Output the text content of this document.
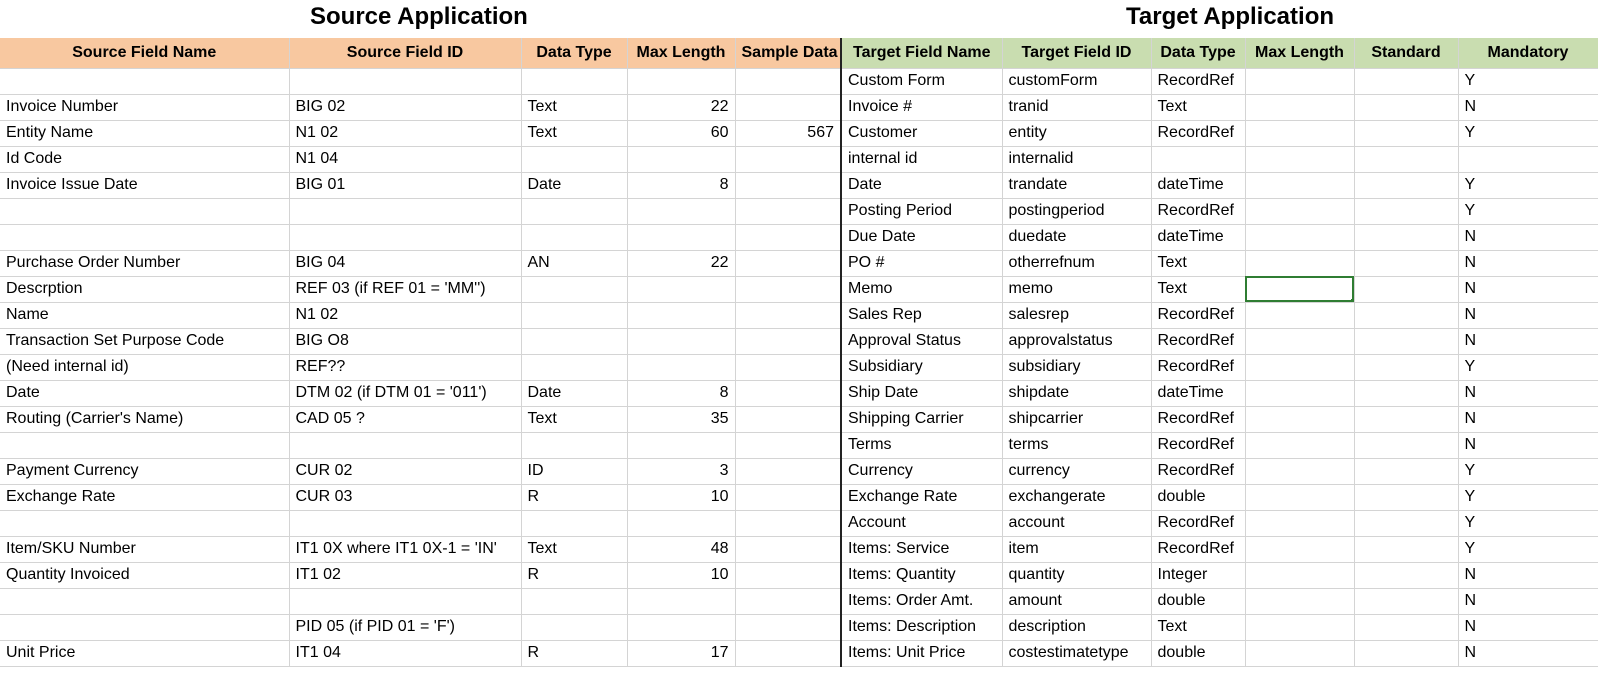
Source Application	Target Application
Source Field Name	Source Field ID	Data Type	Max Length	Sample Data	Target Field Name	Target Field ID	Data Type	Max Length	Standard	Mandatory
					Custom Form	customForm	RecordRef			Y
Invoice Number	BIG 02	Text	22		Invoice #	tranid	Text			N
Entity Name	N1 02	Text	60	567	Customer	entity	RecordRef			Y
Id Code	N1 04				internal id	internalid				
Invoice Issue Date	BIG 01	Date	8		Date	trandate	dateTime			Y
					Posting Period	postingperiod	RecordRef			Y
					Due Date	duedate	dateTime			N
Purchase Order Number	BIG 04	AN	22		PO #	otherrefnum	Text			N
Descrption	REF 03 (if REF 01 = 'MM'')				Memo	memo	Text			N
Name	N1 02				Sales Rep	salesrep	RecordRef			N
Transaction Set Purpose Code	BIG O8				Approval Status	approvalstatus	RecordRef			N
(Need internal id)	REF??				Subsidiary	subsidiary	RecordRef			Y
Date	DTM 02 (if DTM 01 = '011')	Date	8		Ship Date	shipdate	dateTime			N
Routing (Carrier's Name)	CAD 05 ?	Text	35		Shipping Carrier	shipcarrier	RecordRef			N
					Terms	terms	RecordRef			N
Payment Currency	CUR 02	ID	3		Currency	currency	RecordRef			Y
Exchange Rate	CUR 03	R	10		Exchange Rate	exchangerate	double			Y
					Account	account	RecordRef			Y
Item/SKU Number	IT1 0X where IT1 0X-1 = 'IN'	Text	48		Items: Service	item	RecordRef			Y
Quantity Invoiced	IT1 02	R	10		Items: Quantity	quantity	Integer			N
					Items: Order Amt.	amount	double			N
	PID 05 (if PID 01 = 'F')				Items: Description	description	Text			N
Unit Price	IT1 04	R	17		Items: Unit Price	costestimatetype	double			N
